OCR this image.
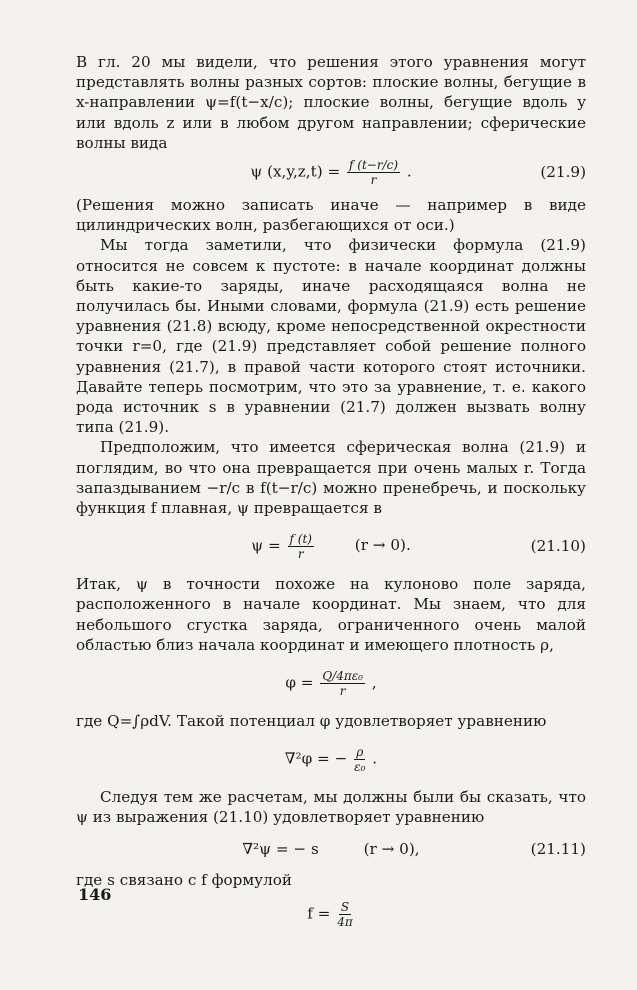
В гл. 20 мы видели, что решения этого уравнения могут представлять волны разных сортов: плоские волны, бегущие в x-направлении ψ=f(t−x/c); плоские волны, бегущие вдоль y или вдоль z или в любом другом направлении; сферические волны вида

ψ $(x,y,z,t) = \frac{f (t-r/c)}{r}$ .	(21.9)

(Решения можно записать иначе — например в виде цилиндрических волн, разбегающихся от оси.)

Мы тогда заметили, что физически формула (21.9) относится не совсем к пустоте: в начале координат должны быть какие-то заряды, иначе расходящаяся волна не получилась бы. Иными словами, формула (21.9) есть решение уравнения (21.8) всюду, кроме непосредственной окрестности точки r=0, где (21.9) представляет собой решение полного уравнения (21.7), в правой части которого стоят источники. Давайте теперь посмотрим, что это за уравнение, т. е. какого рода источник s в уравнении (21.7) должен вызвать волну типа (21.9).

Предположим, что имеется сферическая волна (21.9) и поглядим, во что она превращается при очень малых r. Тогда запаздыванием −r/c в f(t−r/c) можно пренебречь, и поскольку функция f плавная, ψ превращается в

$\psi = \frac{f (t)}{r}$	(r → 0).	(21.10)

Итак, ψ в точности похоже на кулоново поле заряда, расположенного в начале координат. Мы знаем, что для небольшого сгустка заряда, ограниченного очень малой областью близ начала координат и имеющего плотность ρ,

$\varphi = \frac{\text{Q/4πε₀}}{r}$ ,

где Q=∫ρdV. Такой потенциал φ удовлетворяет уравнению

∇²φ = − $\frac{\rho}{\text{ε₀}}$ .

Следуя тем же расчетам, мы должны были бы сказать, что ψ из выражения (21.10) удовлетворяет уравнению

∇²ψ = − s	(r → 0),	(21.11)

где s связано с f формулой

$f = \frac{S}{4\pi}$
146
